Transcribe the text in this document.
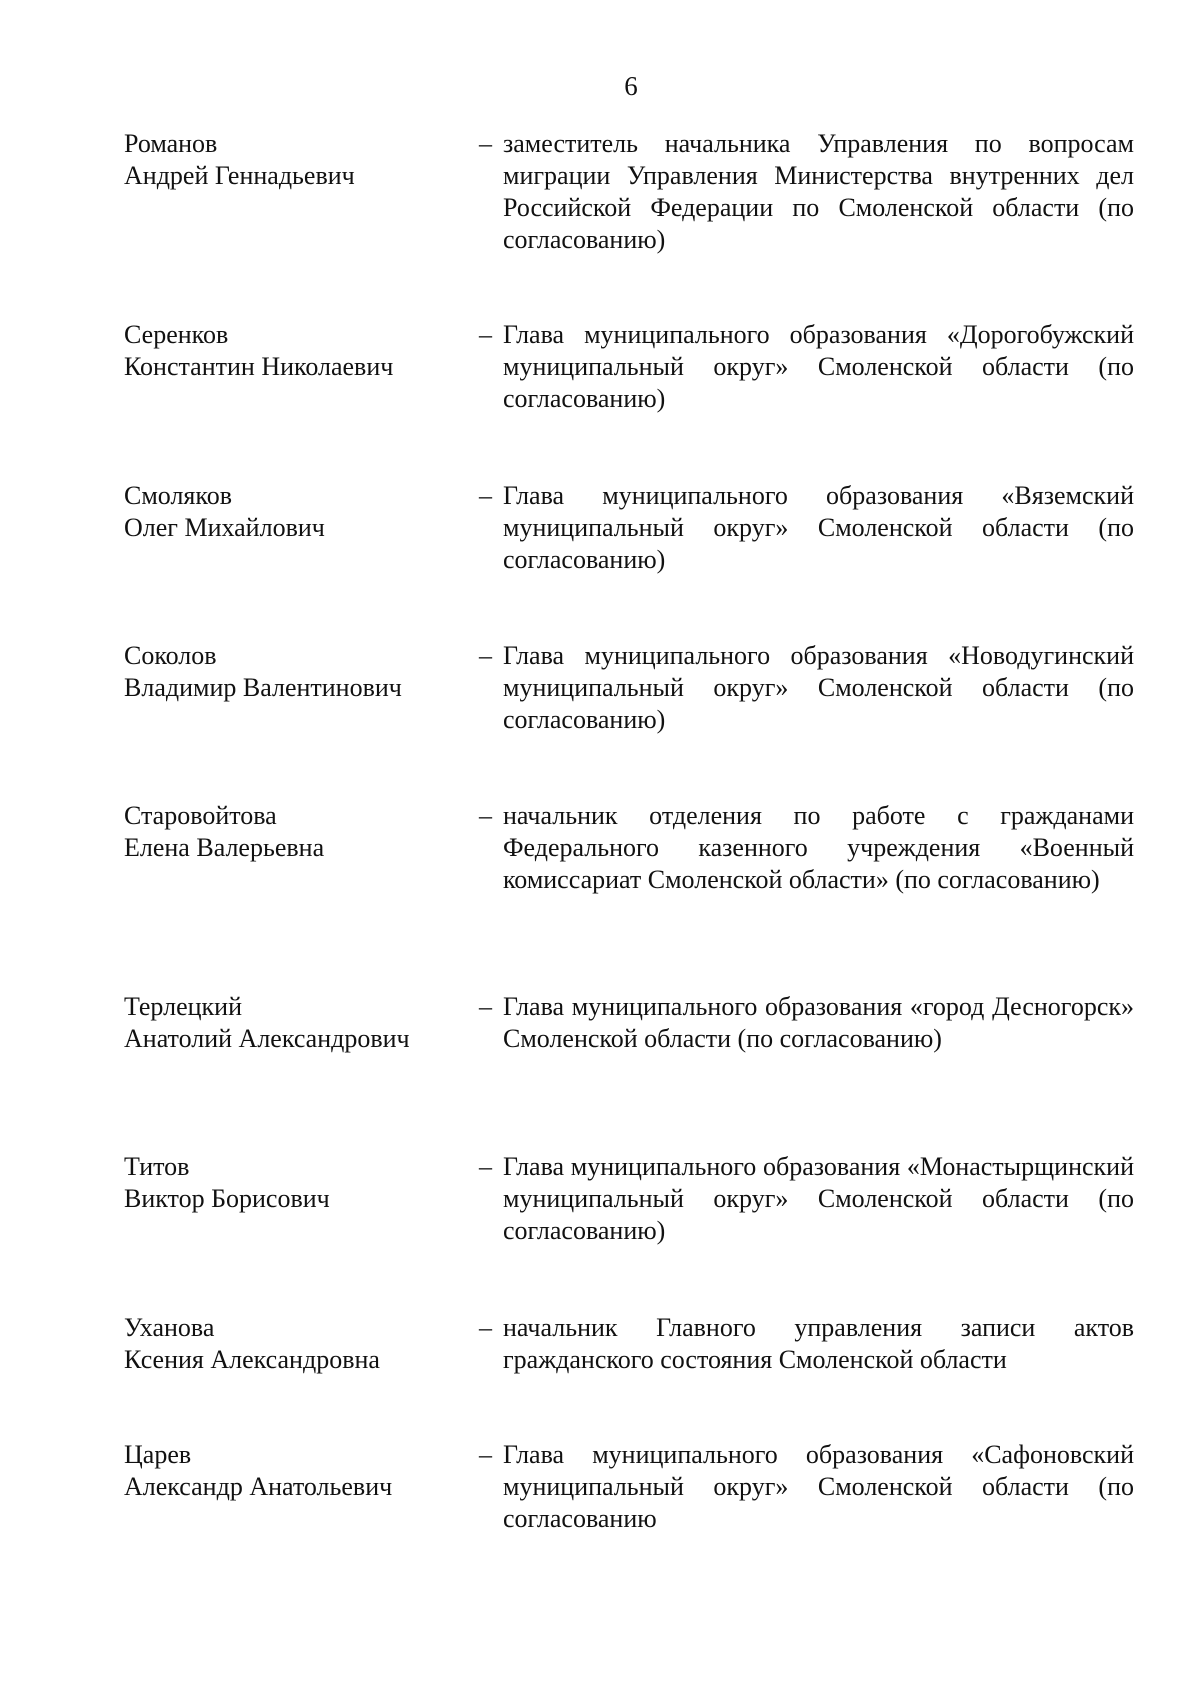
6
Романов
Андрей Геннадьевич
– заместитель начальника Управления по вопросам миграции Управления Министерства внутренних дел Российской Федерации по Смоленской области (по согласованию)
Серенков
Константин Николаевич
– Глава муниципального образования «Дорогобужский муниципальный округ» Смоленской области (по согласованию)
Смоляков
Олег Михайлович
– Глава муниципального образования «Вяземский муниципальный округ» Смоленской области (по согласованию)
Соколов
Владимир Валентинович
– Глава муниципального образования «Новодугинский муниципальный округ» Смоленской области (по согласованию)
Старовойтова
Елена Валерьевна
– начальник отделения по работе с гражданами Федерального казенного учреждения «Военный комиссариат Смоленской области» (по согласованию)
Терлецкий
Анатолий Александрович
– Глава муниципального образования «город Десногорск» Смоленской области (по согласованию)
Титов
Виктор Борисович
– Глава муниципального образования «Монастырщинский муниципальный округ» Смоленской области (по согласованию)
Уханова
Ксения Александровна
– начальник Главного управления записи актов гражданского состояния Смоленской области
Царев
Александр Анатольевич
– Глава муниципального образования «Сафоновский муниципальный округ» Смоленской области (по согласованию
